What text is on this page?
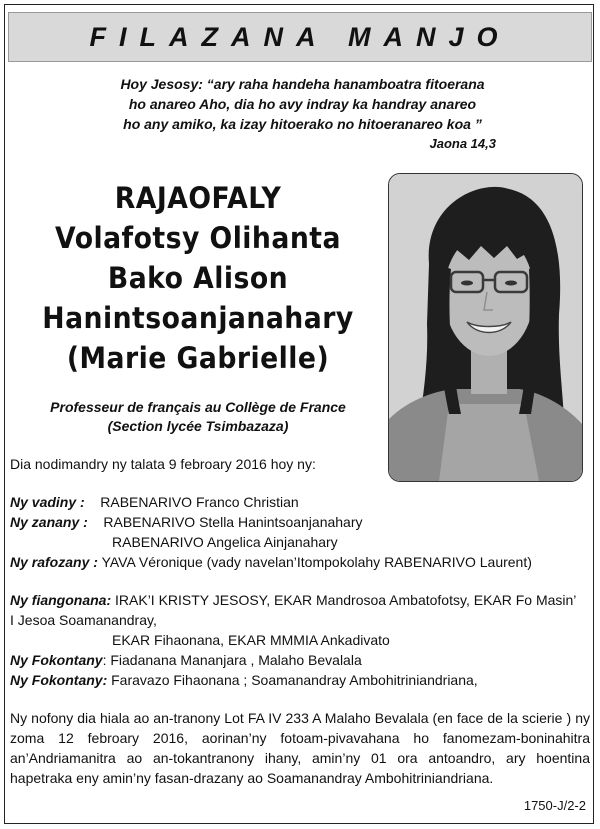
FILAZANA MANJO
Hoy Jesosy: “ary raha handeha hanamboatra fitoerana
ho anareo Aho, dia ho avy indray ka handray anareo
ho any amiko, ka izay hitoerako no hitoeranareo koa ”
Jaona 14,3
RAJAOFALY
Volafotsy Olihanta
Bako Alison
Hanintsoanjanahary
(Marie Gabrielle)
Professeur de français au Collège de France
(Section lycée Tsimbazaza)

Dia nodimandry ny talata 9 febroary 2016 hoy ny:

Ny vadiny : RABENARIVO Franco Christian

Ny zanany : RABENARIVO Stella Hanintsoanjanahary

RABENARIVO Angelica Ainjanahary

Ny rafozany : YAVA Véronique (vady navelan’Itompokolahy RABENARIVO Laurent)

Ny fiangonana: IRAK’I KRISTY JESOSY, EKAR Mandrosoa Ambatofotsy, EKAR Fo Masin’

I Jesoa Soamanandray,

EKAR Fihaonana, EKAR MMMIA Ankadivato

Ny Fokontany: Fiadanana Mananjara , Malaho Bevalala

Ny Fokontany: Faravazo Fihaonana ; Soamanandray Ambohitriniandriana,

Ny nofony dia hiala ao an-tranony Lot FA IV 233 A Malaho Bevalala (en face de la scierie ) ny zoma 12 febroary 2016, aorinan’ny fotoam-pivavahana ho fanomezam-boninahitra an’Andriamanitra ao an-tokantranony ihany, amin’ny 01 ora antoandro, ary hoentina hapetraka eny amin’ny fasan-drazany ao Soamanandray Ambohitriniandriana.

1750-J/2-2
